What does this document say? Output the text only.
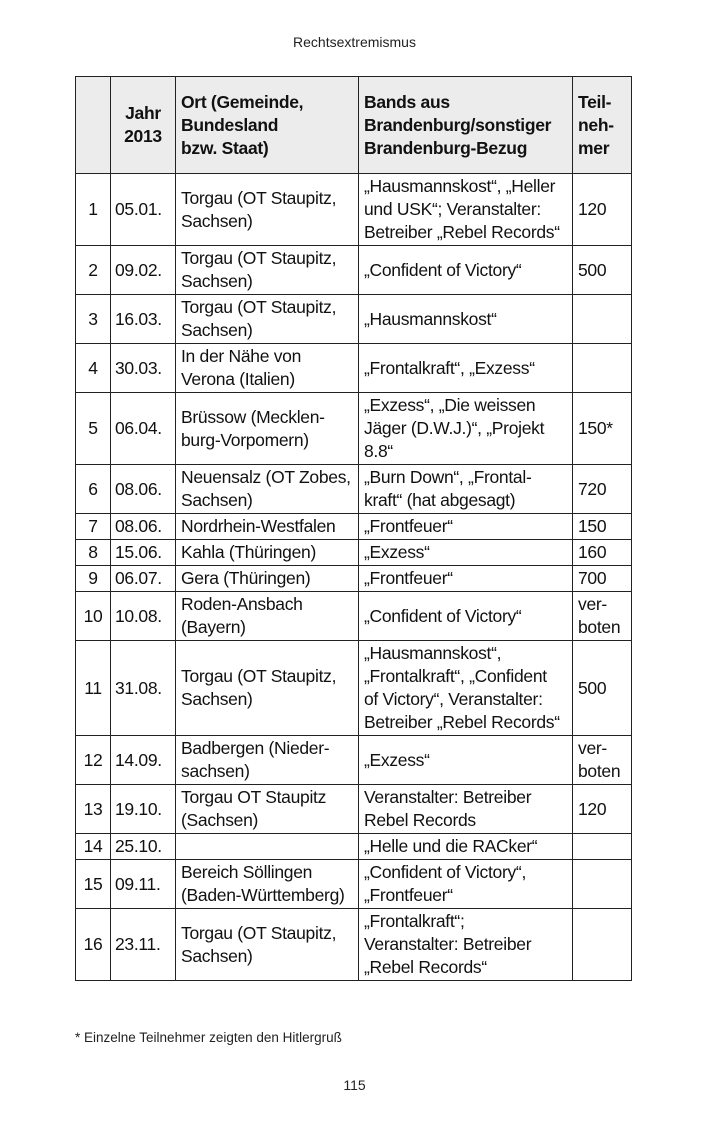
Rechtsextremismus
	Jahr
2013	Ort (Gemeinde,
Bundesland
bzw. Staat)	Bands aus
Brandenburg/sonstiger
Brandenburg-Bezug	Teil-
neh-
mer
1	05.01.	Torgau (OT Staupitz,
Sachsen)	„Hausmannskost“, „Heller
und USK“; Veranstalter:
Betreiber „Rebel Records“	120
2	09.02.	Torgau (OT Staupitz,
Sachsen)	„Confident of Victory“	500
3	16.03.	Torgau (OT Staupitz,
Sachsen)	„Hausmannskost“	
4	30.03.	In der Nähe von
Verona (Italien)	„Frontalkraft“, „Exzess“	
5	06.04.	Brüssow (Mecklen-
burg-Vorpomern)	„Exzess“, „Die weissen
Jäger (D.W.J.)“, „Projekt
8.8“	150*
6	08.06.	Neuensalz (OT Zobes,
Sachsen)	„Burn Down“, „Frontal-
kraft“ (hat abgesagt)	720
7	08.06.	Nordrhein-Westfalen	„Frontfeuer“	150
8	15.06.	Kahla (Thüringen)	„Exzess“	160
9	06.07.	Gera (Thüringen)	„Frontfeuer“	700
10	10.08.	Roden-Ansbach
(Bayern)	„Confident of Victory“	ver-
boten
11	31.08.	Torgau (OT Staupitz,
Sachsen)	„Hausmannskost“,
„Frontalkraft“, „Confident
of Victory“, Veranstalter:
Betreiber „Rebel Records“	500
12	14.09.	Badbergen (Nieder-
sachsen)	„Exzess“	ver-
boten
13	19.10.	Torgau OT Staupitz
(Sachsen)	Veranstalter: Betreiber
Rebel Records	120
14	25.10.		„Helle und die RACker“	
15	09.11.	Bereich Söllingen
(Baden-Württemberg)	„Confident of Victory“,
„Frontfeuer“	
16	23.11.	Torgau (OT Staupitz,
Sachsen)	„Frontalkraft“;
Veranstalter: Betreiber
„Rebel Records“	
* Einzelne Teilnehmer zeigten den Hitlergruß
115
